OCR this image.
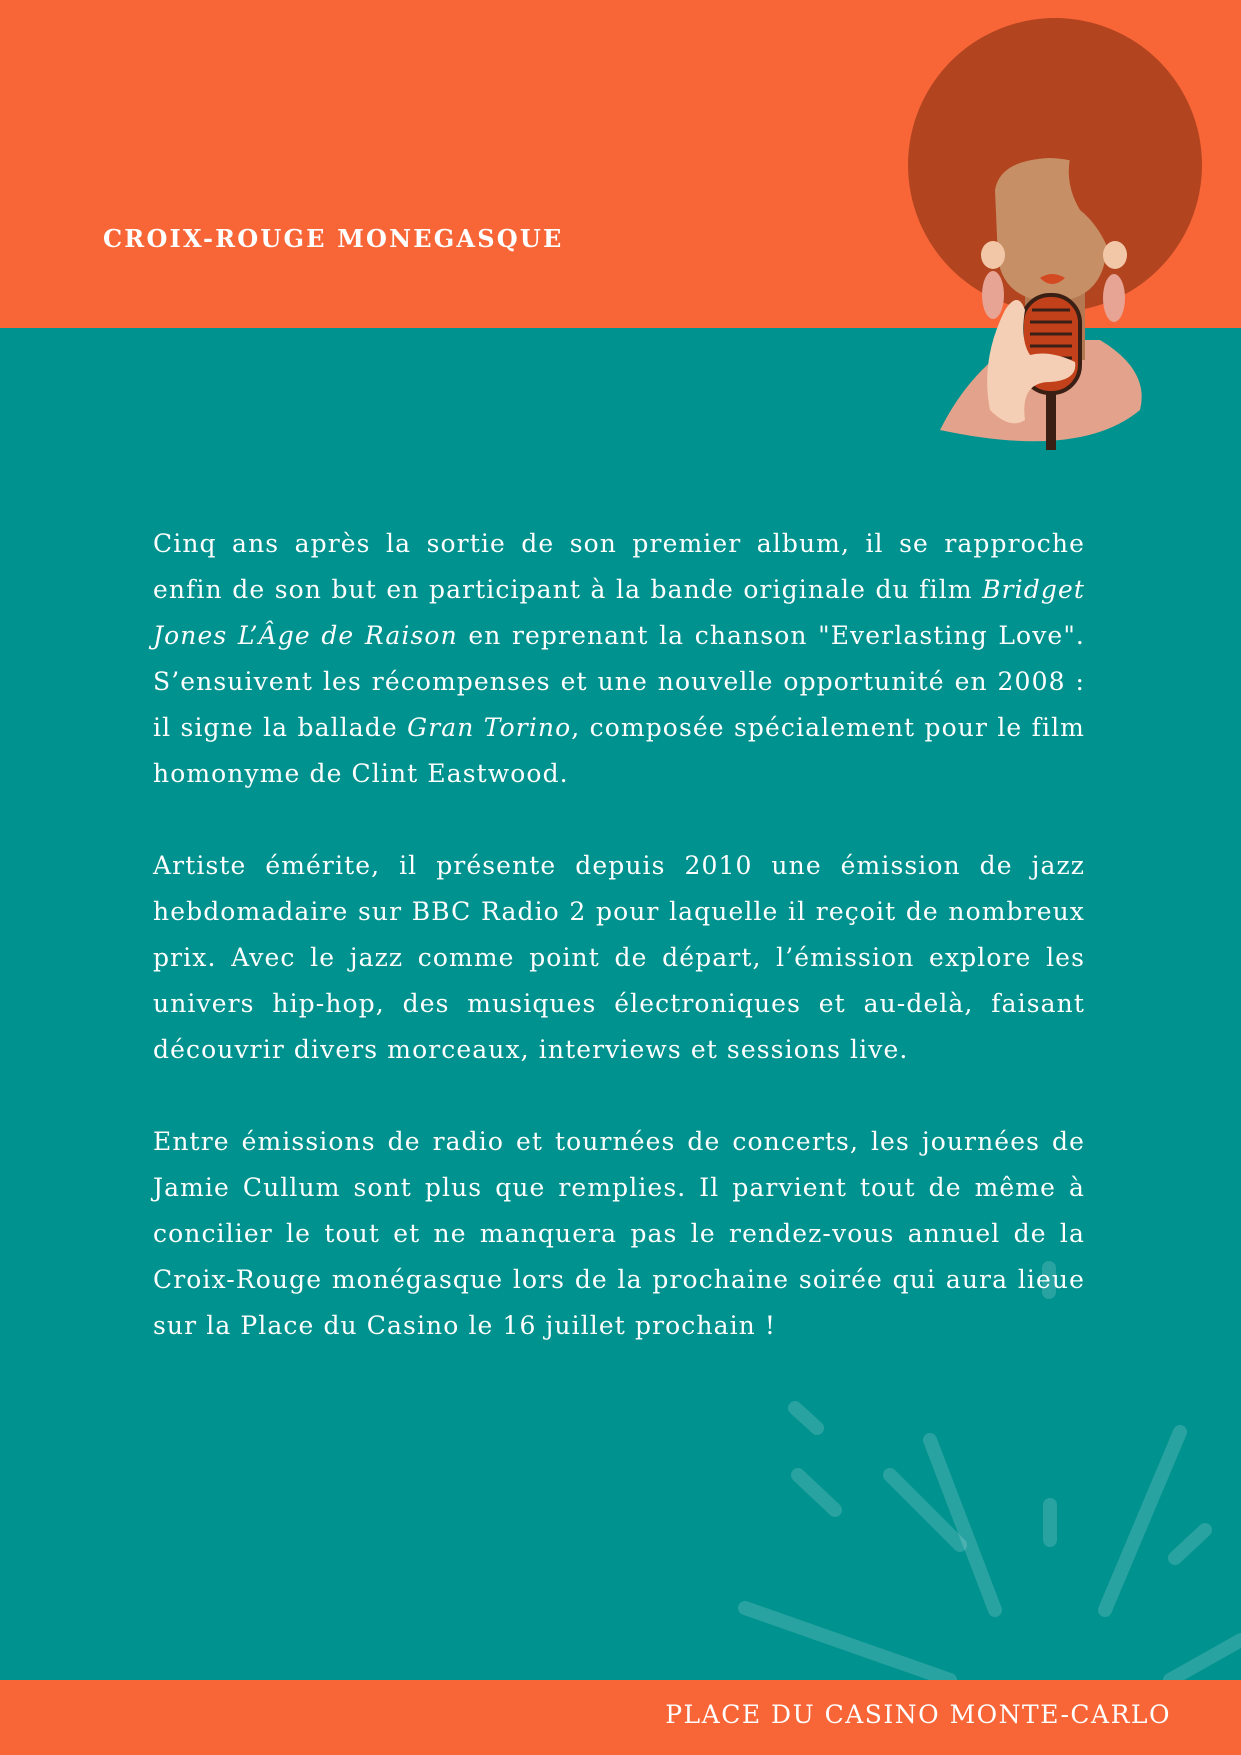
CROIX-ROUGE MONEGASQUE

Cinq ans après la sortie de son premier album, il se rapproche enfin de son but en participant à la bande originale du film Bridget Jones L’Âge de Raison en reprenant la chanson "Everlasting Love". S’ensuivent les récompenses et une nouvelle opportunité en 2008 : il signe la ballade Gran Torino, composée spécialement pour le film homonyme de Clint Eastwood.

Artiste émérite, il présente depuis 2010 une émission de jazz hebdomadaire sur BBC Radio 2 pour laquelle il reçoit de nombreux prix. Avec le jazz comme point de départ, l’émission explore les univers hip-hop, des musiques électroniques et au-delà, faisant découvrir divers morceaux, interviews et sessions live.

Entre émissions de radio et tournées de concerts, les journées de Jamie Cullum sont plus que remplies. Il parvient tout de même à concilier le tout et ne manquera pas le rendez-vous annuel de la Croix-Rouge monégasque lors de la prochaine soirée qui aura lieue sur la Place du Casino le 16 juillet prochain !

PLACE DU CASINO MONTE-CARLO
